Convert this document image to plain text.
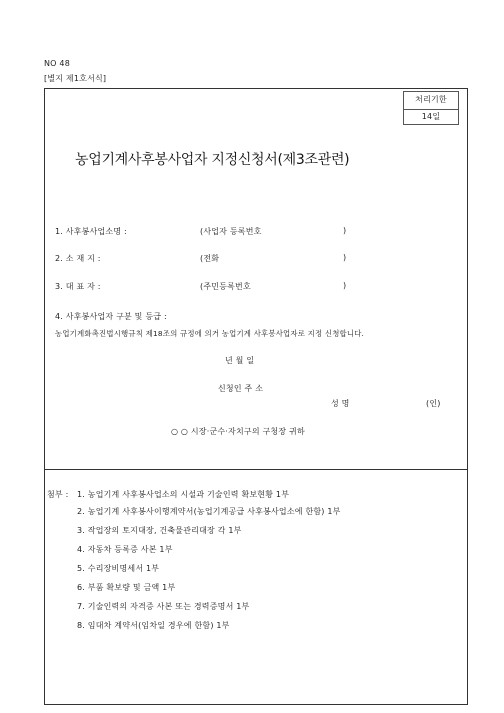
NO 48
[별지 제1호서식]
처리기한
14일
농업기계사후봉사업자 지정신청서(제3조관련)
1. 사후봉사업소명 :	(사업자 등록번호	)
2. 소 재 지 :	(전화	)
3. 대 표 자 :	(주민등록번호	)
4. 사후봉사업자 구분 및 등급 :
농업기계화촉진법시행규칙 제18조의 규정에 의거 농업기계 사후봉사업자로 지정 신청합니다.
년 월 일
신청인 주 소
성 명	(인)
○ ○ 시장·군수·자치구의 구청장 귀하
첨부 : 1. 농업기계 사후봉사업소의 시설과 기술인력 확보현황 1부
2. 농업기계 사후봉사이행계약서(농업기계공급 사후봉사업소에 한함) 1부
3. 작업장의 토지대장, 건축물관리대장 각 1부
4. 자동차 등록증 사본 1부
5. 수리장비명세서 1부
6. 부품 확보량 및 금액 1부
7. 기술인력의 자격증 사본 또는 경력증명서 1부
8. 임대차 계약서(임차일 경우에 한함) 1부
